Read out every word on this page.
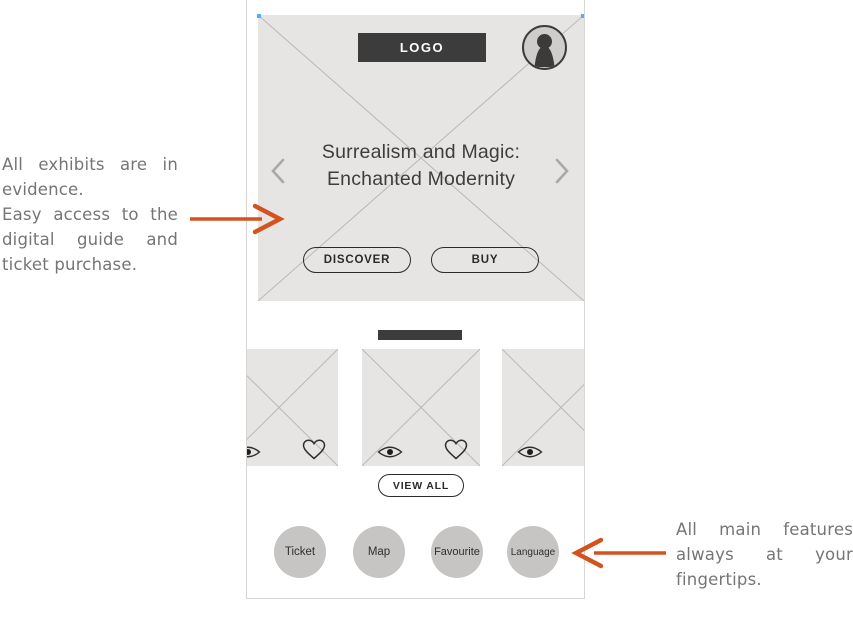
LOGO
Surrealism and Magic:
Enchanted Modernity
DISCOVER	BUY
VIEW ALL
Ticket	Map	Favourite	Language
All exhibits are in
evidence.
Easy access to the
digital guide and
ticket purchase.
All main features
always at your
fingertips.
